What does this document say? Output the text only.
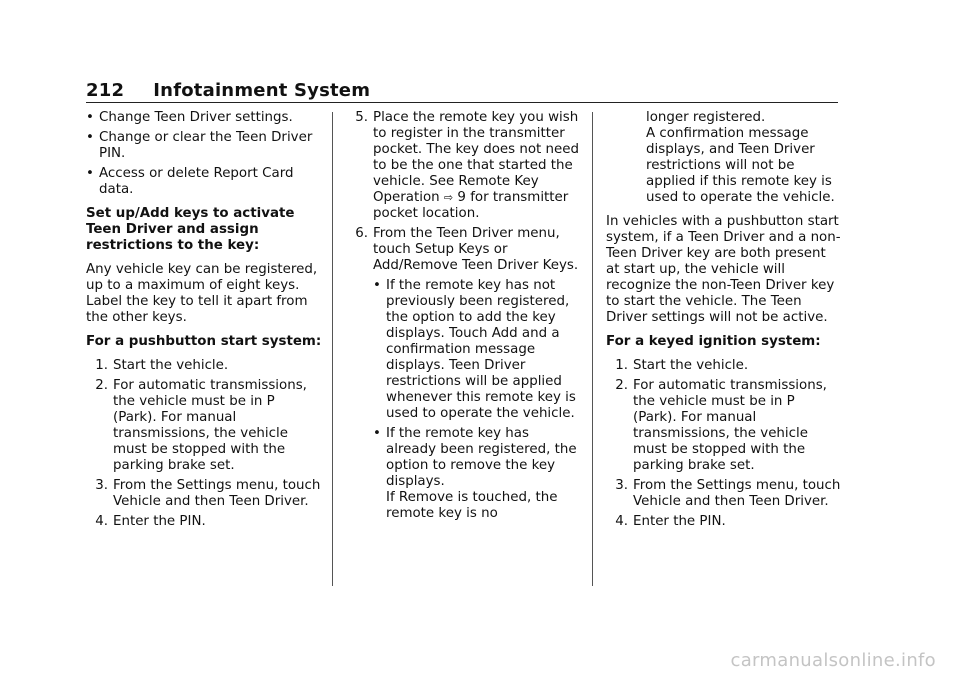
212 Infotainment System
• Change Teen Driver settings.
• Change or clear the Teen Driver PIN.
• Access or delete Report Card data.

Set up/Add keys to activate Teen Driver and assign restrictions to the key:

Any vehicle key can be registered, up to a maximum of eight keys. Label the key to tell it apart from the other keys.

For a pushbutton start system:

1. Start the vehicle.
2. For automatic transmissions, the vehicle must be in P (Park). For manual transmissions, the vehicle must be stopped with the parking brake set.
3. From the Settings menu, touch Vehicle and then Teen Driver.
4. Enter the PIN.
5. Place the remote key you wish to register in the transmitter pocket. The key does not need to be the one that started the vehicle. See Remote Key Operation ⇨ 9 for transmitter pocket location.
6. From the Teen Driver menu, touch Setup Keys or Add/Remove Teen Driver Keys.
• If the remote key has not previously been registered, the option to add the key displays. Touch Add and a confirmation message displays. Teen Driver restrictions will be applied whenever this remote key is used to operate the vehicle.
• If the remote key has already been registered, the option to remove the key displays.
If Remove is touched, the remote key is no
longer registered.
A confirmation message displays, and Teen Driver restrictions will not be applied if this remote key is used to operate the vehicle.

In vehicles with a pushbutton start system, if a Teen Driver and a non-Teen Driver key are both present at start up, the vehicle will recognize the non-Teen Driver key to start the vehicle. The Teen Driver settings will not be active.

For a keyed ignition system:

1. Start the vehicle.
2. For automatic transmissions, the vehicle must be in P (Park). For manual transmissions, the vehicle must be stopped with the parking brake set.
3. From the Settings menu, touch Vehicle and then Teen Driver.
4. Enter the PIN.
carmanualsonline.info
